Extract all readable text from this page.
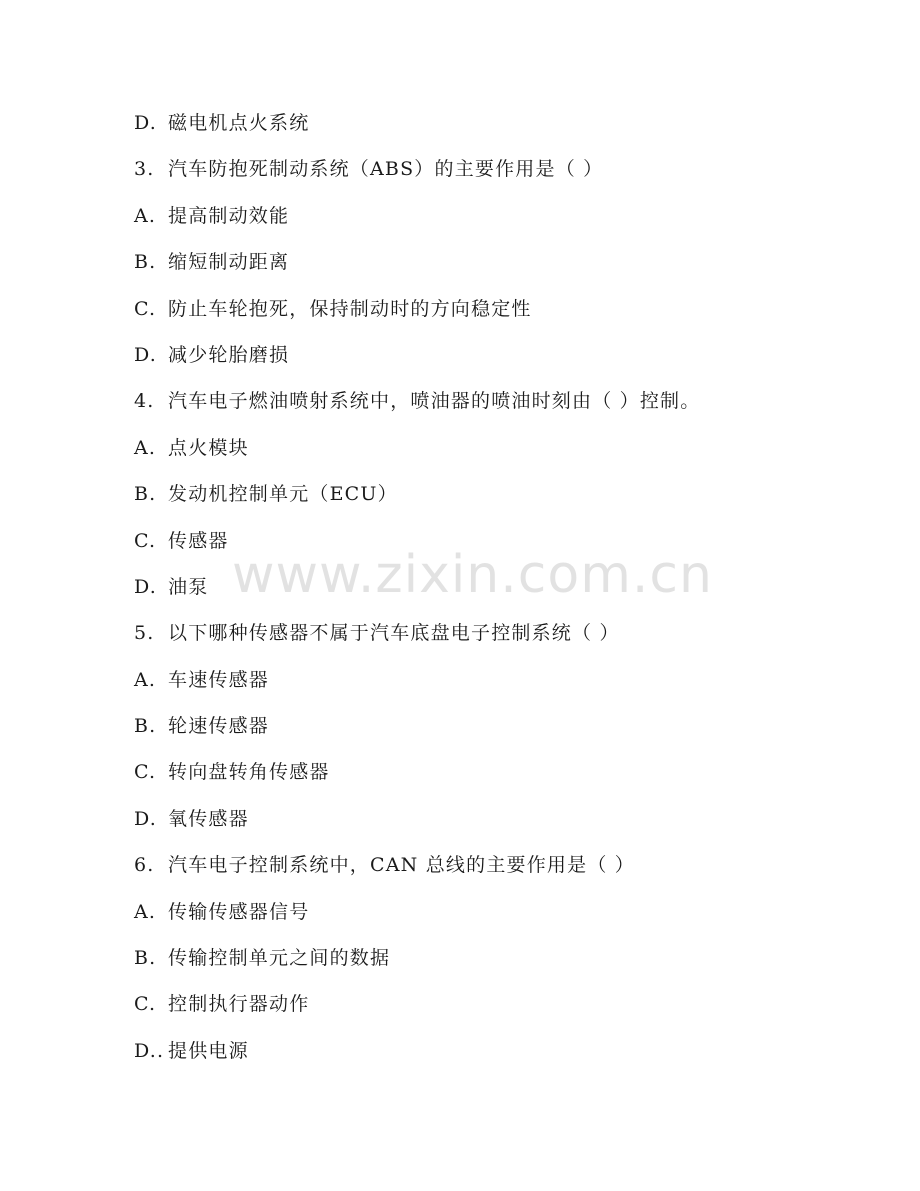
D. 磁电机点火系统
3. 汽车防抱死制动系统（ABS）的主要作用是（ ）
A. 提高制动效能
B. 缩短制动距离
C. 防止车轮抱死，保持制动时的方向稳定性
D. 减少轮胎磨损
4. 汽车电子燃油喷射系统中，喷油器的喷油时刻由（ ）控制。
A. 点火模块
B. 发动机控制单元（ECU）
C. 传感器
D. 油泵
5. 以下哪种传感器不属于汽车底盘电子控制系统（ ）
A. 车速传感器
B. 轮速传感器
C. 转向盘转角传感器
D. 氧传感器
6. 汽车电子控制系统中，CAN 总线的主要作用是（ ）
A. 传输传感器信号
B. 传输控制单元之间的数据
C. 控制执行器动作
D.. 提供电源
www.zixin.com.cn
